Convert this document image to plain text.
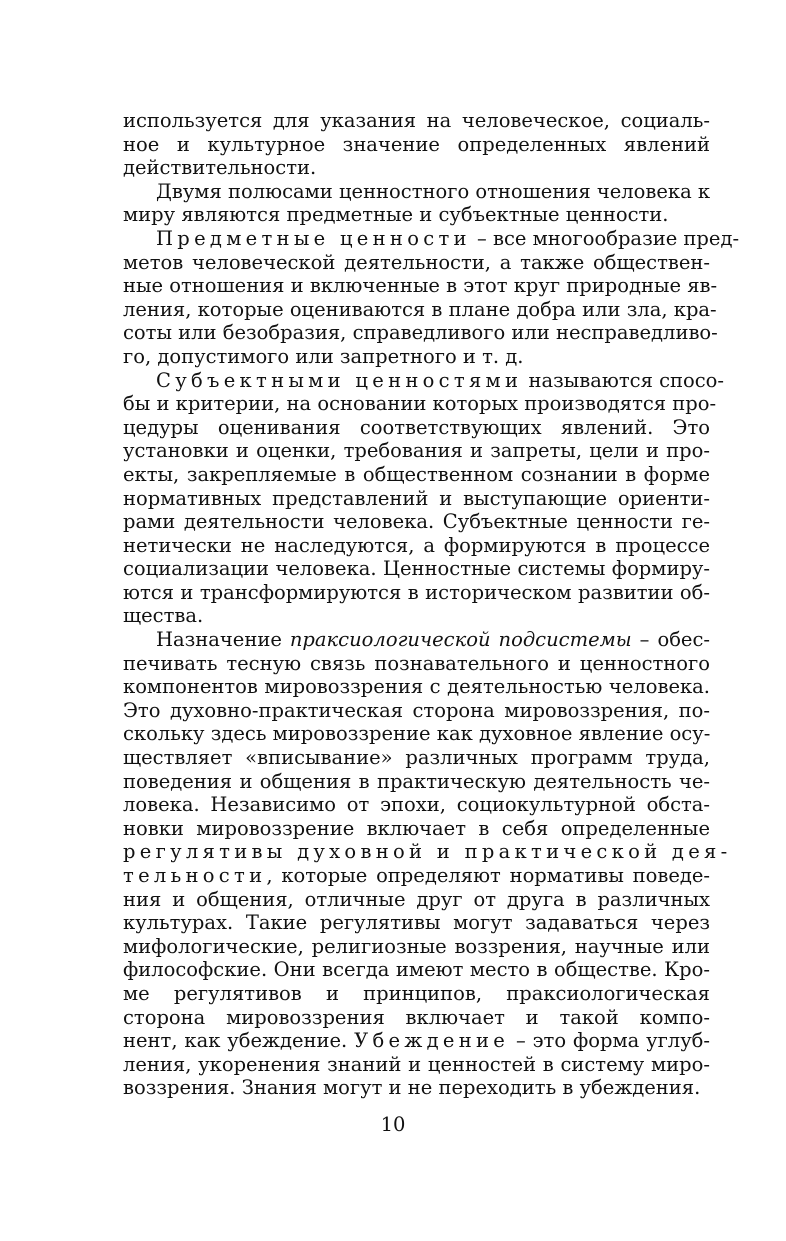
используется для указания на человеческое, социаль-
ное и культурное значение определенных явлений
действительности.
Двумя полюсами ценностного отношения человека к
миру являются предметные и субъектные ценности.
Предметные ценности – все многообразие пред-
метов человеческой деятельности, а также обществен-
ные отношения и включенные в этот круг природные яв-
ления, которые оцениваются в плане добра или зла, кра-
соты или безобразия, справедливого или несправедливо-
го, допустимого или запретного и т. д.
Субъектными ценностями называются спосо-
бы и критерии, на основании которых производятся про-
цедуры оценивания соответствующих явлений. Это
установки и оценки, требования и запреты, цели и про-
екты, закрепляемые в общественном сознании в форме
нормативных представлений и выступающие ориенти-
рами деятельности человека. Субъектные ценности ге-
нетически не наследуются, а формируются в процессе
социализации человека. Ценностные системы формиру-
ются и трансформируются в историческом развитии об-
щества.
Назначение праксиологической подсистемы – обес-
печивать тесную связь познавательного и ценностного
компонентов мировоззрения с деятельностью человека.
Это духовно-практическая сторона мировоззрения, по-
скольку здесь мировоззрение как духовное явление осу-
ществляет «вписывание» различных программ труда,
поведения и общения в практическую деятельность че-
ловека. Независимо от эпохи, социокультурной обста-
новки мировоззрение включает в себя определенные
регулятивы духовной и практической дея-
тельности, которые определяют нормативы поведе-
ния и общения, отличные друг от друга в различных
культурах. Такие регулятивы могут задаваться через
мифологические, религиозные воззрения, научные или
философские. Они всегда имеют место в обществе. Кро-
ме регулятивов и принципов, праксиологическая
сторона мировоззрения включает и такой компо-
нент, как убеждение. Убеждение – это форма углуб-
ления, укоренения знаний и ценностей в систему миро-
воззрения. Знания могут и не переходить в убеждения.
10
